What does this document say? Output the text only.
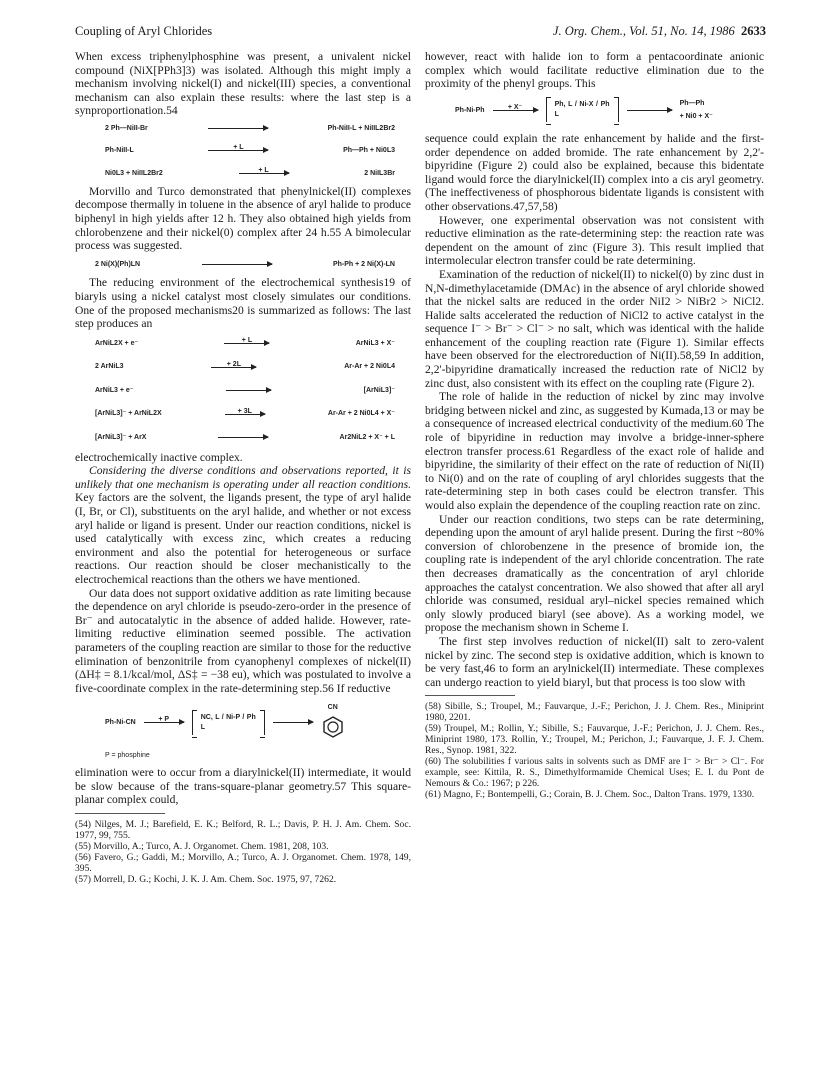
Coupling of Aryl Chlorides	J. Org. Chem., Vol. 51, No. 14, 1986 2633

When excess triphenylphosphine was present, a univalent nickel compound (NiX[PPh3]3) was isolated. Although this might imply a mechanism involving nickel(I) and nickel(III) species, a conventional mechanism can also explain these results: where the last step is a synproportionation.54

2 Ph—NiII-Br	Ph-NiII-L + NiIIL2Br2
Ph-NiII-L	+ L	Ph—Ph + Ni0L3
Ni0L3 + NiIIL2Br2	+ L	2 NiIL3Br

Morvillo and Turco demonstrated that phenylnickel(II) complexes decompose thermally in toluene in the absence of aryl halide to produce biphenyl in high yields after 12 h. They also obtained high yields from chlorobenzene and their nickel(0) complex after 24 h.55 A bimolecular process was suggested.

2 Ni(X)(Ph)LN	Ph-Ph + 2 Ni(X)-LN

The reducing environment of the electrochemical synthesis19 of biaryls using a nickel catalyst most closely simulates our conditions. One of the proposed mechanisms20 is summarized as follows: The last step produces an

ArNiL2X + e⁻	+ L	ArNiL3 + X⁻
2 ArNiL3	+ 2L	Ar-Ar + 2 Ni0L4
ArNiL3 + e⁻	[ArNiL3]⁻
[ArNiL3]⁻ + ArNiL2X	+ 3L	Ar-Ar + 2 Ni0L4 + X⁻
[ArNiL3]⁻ + ArX	Ar2NiL2 + X⁻ + L

electrochemically inactive complex.

Considering the diverse conditions and observations reported, it is unlikely that one mechanism is operating under all reaction conditions. Key factors are the solvent, the ligands present, the type of aryl halide (I, Br, or Cl), substituents on the aryl halide, and whether or not excess aryl halide or ligand is present. Under our reaction conditions, nickel is used catalytically with excess zinc, which creates a reducing environment and also the potential for heterogeneous or surface reactions. Our reaction should be closer mechanistically to the electrochemical reactions than the others we have mentioned.

Our data does not support oxidative addition as rate limiting because the dependence on aryl chloride is pseudo-zero-order in the presence of Br⁻ and autocatalytic in the absence of added halide. However, rate-limiting reductive elimination seemed possible. The activation parameters of the coupling reaction are similar to those for the reductive elimination of benzonitrile from cyanophenyl complexes of nickel(II) (ΔH‡ = 8.1/kcal/mol, ΔS‡ = −38 eu), which was postulated to involve a five-coordinate complex in the rate-determining step.56 If reductive

Ph-Ni-CN	+ P	NC, L / Ni-P / Ph L
CN
P = phosphine

elimination were to occur from a diarylnickel(II) intermediate, it would be slow because of the trans-square-planar geometry.57 This square-planar complex could,

(54) Nilges, M. J.; Barefield, E. K.; Belford, R. L.; Davis, P. H. J. Am. Chem. Soc. 1977, 99, 755.

(55) Morvillo, A.; Turco, A. J. Organomet. Chem. 1981, 208, 103.

(56) Favero, G.; Gaddi, M.; Morvillo, A.; Turco, A. J. Organomet. Chem. 1978, 149, 395.

(57) Morrell, D. G.; Kochi, J. K. J. Am. Chem. Soc. 1975, 97, 7262.

however, react with halide ion to form a pentacoordinate anionic complex which would facilitate reductive elimination due to the proximity of the phenyl groups. This

Ph-Ni-Ph	+ X⁻	Ph, L / Ni-X / Ph L
Ph—Ph
+ Ni0 + X⁻

sequence could explain the rate enhancement by halide and the first-order dependence on added bromide. The rate enhancement by 2,2'-bipyridine (Figure 2) could also be explained, because this bidentate ligand would force the diarylnickel(II) complex into a cis aryl geometry. (The ineffectiveness of phosphorous bidentate ligands is consistent with other observations.47,57,58)

However, one experimental observation was not consistent with reductive elimination as the rate-determining step: the reaction rate was dependent on the amount of zinc (Figure 3). This result implied that intermolecular electron transfer could be rate determining.

Examination of the reduction of nickel(II) to nickel(0) by zinc dust in N,N-dimethylacetamide (DMAc) in the absence of aryl chloride showed that the nickel salts are reduced in the order NiI2 > NiBr2 > NiCl2. Halide salts accelerated the reduction of NiCl2 to active catalyst in the sequence I⁻ > Br⁻ > Cl⁻ > no salt, which was identical with the halide enhancement of the coupling reaction rate (Figure 1). Similar effects have been observed for the electroreduction of Ni(II).58,59 In addition, 2,2'-bipyridine dramatically increased the reduction rate of NiCl2 by zinc dust, also consistent with its effect on the coupling rate (Figure 2).

The role of halide in the reduction of nickel by zinc may involve bridging between nickel and zinc, as suggested by Kumada,13 or may be a consequence of increased electrical conductivity of the medium.60 The role of bipyridine in reduction may involve a bridge-inner-sphere electron transfer process.61 Regardless of the exact role of halide and bipyridine, the similarity of their effect on the rate of reduction of Ni(II) to Ni(0) and on the rate of coupling of aryl chlorides suggests that the rate-determining step in both cases could be electron transfer. This would also explain the dependence of the coupling reaction rate on zinc.

Under our reaction conditions, two steps can be rate determining, depending upon the amount of aryl halide present. During the first ~80% conversion of chlorobenzene in the presence of bromide ion, the coupling rate is independent of the aryl chloride concentration. The rate then decreases dramatically as the concentration of aryl chloride approaches the catalyst concentration. We also showed that after all aryl chloride was consumed, residual aryl–nickel species remained which only slowly produced biaryl (see above). As a working model, we propose the mechanism shown in Scheme I.

The first step involves reduction of nickel(II) salt to zero-valent nickel by zinc. The second step is oxidative addition, which is known to be very fast,46 to form an arylnickel(II) intermediate. These complexes can undergo reaction to yield biaryl, but that process is too slow with

(58) Sibille, S.; Troupel, M.; Fauvarque, J.-F.; Perichon, J. J. Chem. Res., Miniprint 1980, 2201.

(59) Troupel, M.; Rollin, Y.; Sibille, S.; Fauvarque, J.-F.; Perichon, J. J. Chem. Res., Miniprint 1980, 173. Rollin, Y.; Troupel, M.; Perichon, J.; Fauvarque, J. F. J. Chem. Res., Synop. 1981, 322.

(60) The solubilities f various salts in solvents such as DMF are I⁻ > Br⁻ > Cl⁻. For example, see: Kittila, R. S., Dimethylformamide Chemical Uses; E. I. du Pont de Nemours & Co.: 1967; p 226.

(61) Magno, F.; Bontempelli, G.; Corain, B. J. Chem. Soc., Dalton Trans. 1979, 1330.
